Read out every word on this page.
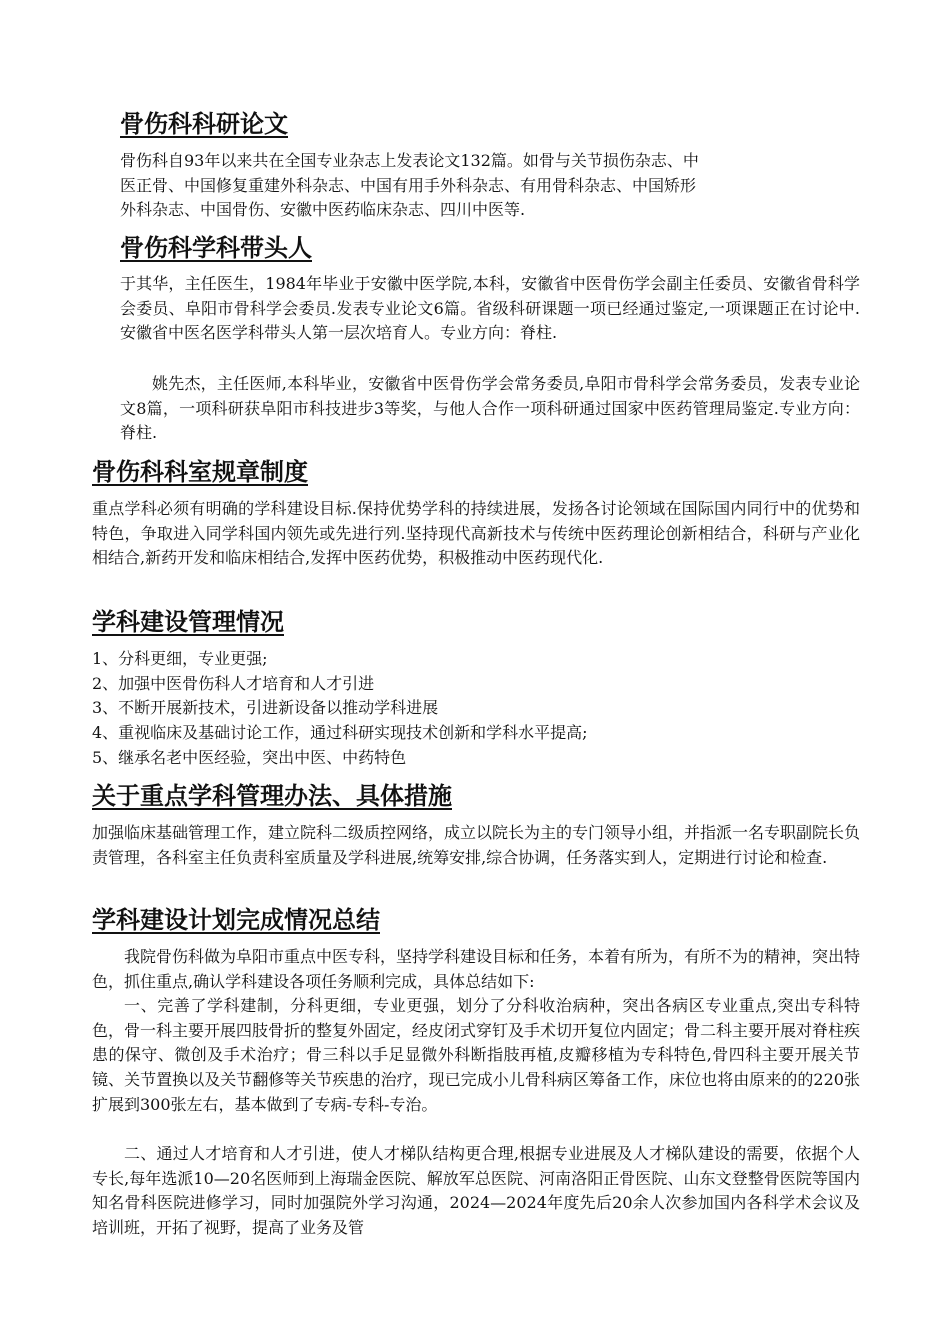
骨伤科科研论文
骨伤科自93年以来共在全国专业杂志上发表论文132篇。如骨与关节损伤杂志、中
医正骨、中国修复重建外科杂志、中国有用手外科杂志、有用骨科杂志、中国矫形
外科杂志、中国骨伤、安徽中医药临床杂志、四川中医等.
骨伤科学科带头人

于其华，主任医生，1984年毕业于安徽中医学院,本科，安徽省中医骨伤学会副主任委员、安徽省骨科学会委员、阜阳市骨科学会委员.发表专业论文6篇。省级科研课题一项已经通过鉴定,一项课题正在讨论中.安徽省中医名医学科带头人第一层次培育人。专业方向：脊柱.

姚先杰，主任医师,本科毕业，安徽省中医骨伤学会常务委员,阜阳市骨科学会常务委员，发表专业论文8篇，一项科研获阜阳市科技进步3等奖，与他人合作一项科研通过国家中医药管理局鉴定.专业方向：脊柱.

骨伤科科室规章制度

重点学科必须有明确的学科建设目标.保持优势学科的持续进展，发扬各讨论领域在国际国内同行中的优势和特色，争取进入同学科国内领先或先进行列.坚持现代高新技术与传统中医药理论创新相结合，科研与产业化相结合,新药开发和临床相结合,发挥中医药优势，积极推动中医药现代化.

学科建设管理情况
1、分科更细，专业更强;
2、加强中医骨伤科人才培育和人才引进
3、不断开展新技术，引进新设备以推动学科进展
4、重视临床及基础讨论工作，通过科研实现技术创新和学科水平提高;
5、继承名老中医经验，突出中医、中药特色
关于重点学科管理办法、具体措施

加强临床基础管理工作，建立院科二级质控网络，成立以院长为主的专门领导小组，并指派一名专职副院长负责管理，各科室主任负责科室质量及学科进展,统筹安排,综合协调，任务落实到人，定期进行讨论和检查.

学科建设计划完成情况总结

我院骨伤科做为阜阳市重点中医专科，坚持学科建设目标和任务，本着有所为，有所不为的精神，突出特色，抓住重点,确认学科建设各项任务顺利完成，具体总结如下:

一、完善了学科建制，分科更细，专业更强，划分了分科收治病种，突出各病区专业重点,突出专科特色，骨一科主要开展四肢骨折的整复外固定，经皮闭式穿钉及手术切开复位内固定；骨二科主要开展对脊柱疾患的保守、微创及手术治疗；骨三科以手足显微外科断指肢再植,皮瓣移植为专科特色,骨四科主要开展关节镜、关节置换以及关节翻修等关节疾患的治疗，现已完成小儿骨科病区筹备工作，床位也将由原来的的220张扩展到300张左右，基本做到了专病-专科-专治。

二、通过人才培育和人才引进，使人才梯队结构更合理,根据专业进展及人才梯队建设的需要，依据个人专长,每年选派10—20名医师到上海瑞金医院、解放军总医院、河南洛阳正骨医院、山东文登整骨医院等国内知名骨科医院进修学习，同时加强院外学习沟通，2024—2024年度先后20余人次参加国内各科学术会议及培训班，开拓了视野，提高了业务及管
